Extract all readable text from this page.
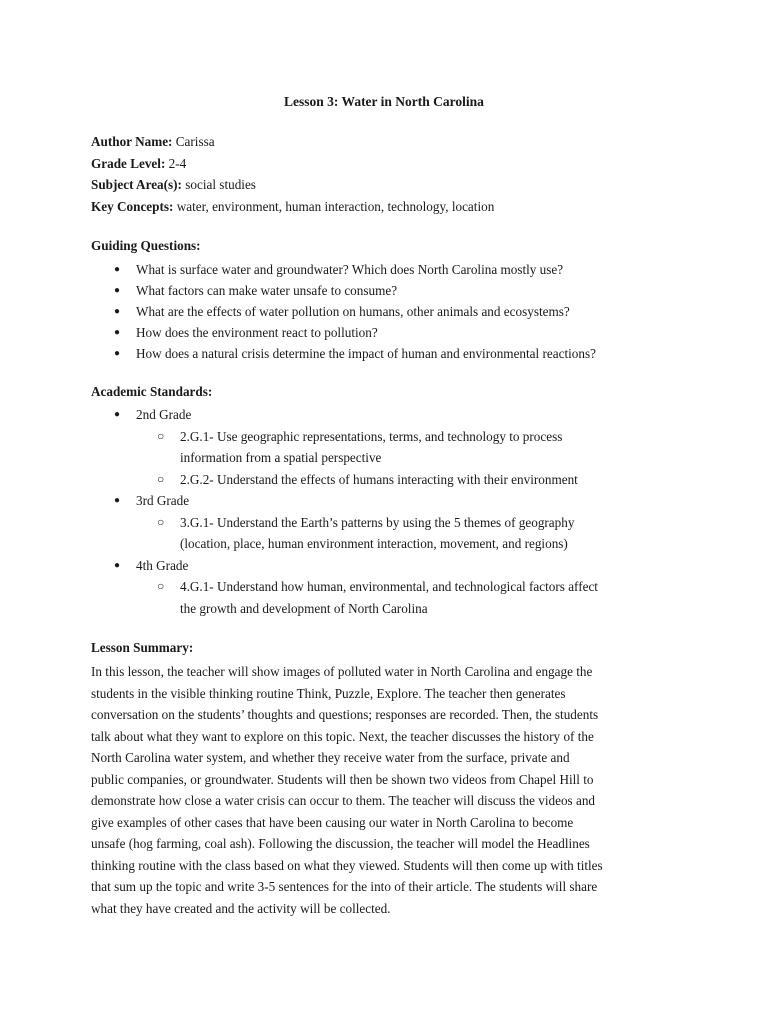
Lesson 3: Water in North Carolina
Author Name: Carissa
Grade Level: 2-4
Subject Area(s): social studies
Key Concepts: water, environment, human interaction, technology, location
Guiding Questions:
● What is surface water and groundwater? Which does North Carolina mostly use?
● What factors can make water unsafe to consume?
● What are the effects of water pollution on humans, other animals and ecosystems?
● How does the environment react to pollution?
● How does a natural crisis determine the impact of human and environmental reactions?
Academic Standards:
● 2nd Grade
○ 2.G.1- Use geographic representations, terms, and technology to process
information from a spatial perspective
○ 2.G.2- Understand the effects of humans interacting with their environment
● 3rd Grade
○ 3.G.1- Understand the Earth’s patterns by using the 5 themes of geography
(location, place, human environment interaction, movement, and regions)
● 4th Grade
○ 4.G.1- Understand how human, environmental, and technological factors affect
the growth and development of North Carolina
Lesson Summary:
In this lesson, the teacher will show images of polluted water in North Carolina and engage the
students in the visible thinking routine Think, Puzzle, Explore. The teacher then generates
conversation on the students’ thoughts and questions; responses are recorded. Then, the students
talk about what they want to explore on this topic. Next, the teacher discusses the history of the
North Carolina water system, and whether they receive water from the surface, private and
public companies, or groundwater. Students will then be shown two videos from Chapel Hill to
demonstrate how close a water crisis can occur to them. The teacher will discuss the videos and
give examples of other cases that have been causing our water in North Carolina to become
unsafe (hog farming, coal ash). Following the discussion, the teacher will model the Headlines
thinking routine with the class based on what they viewed. Students will then come up with titles
that sum up the topic and write 3-5 sentences for the into of their article. The students will share
what they have created and the activity will be collected.
